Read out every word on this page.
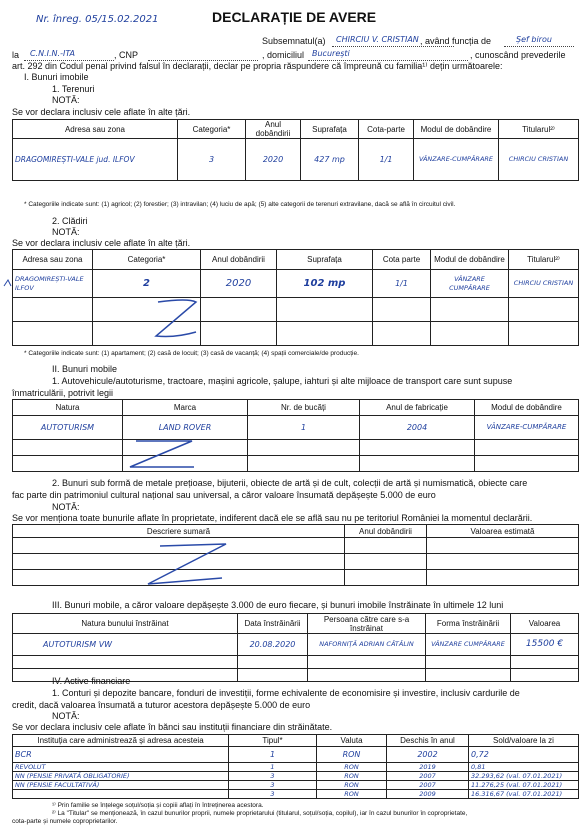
Nr. înreg. 05/15.02.2021	DECLARAȚIE DE AVERE
Subsemnatul(a) CHIRCIU V. CRISTIAN , având funcția de	Șef birou
la C.N.I.N.-ITA	, CNP	, domiciliul București	, cunoscând prevederile
art. 292 din Codul penal privind falsul în declarații, declar pe propria răspundere că împreună cu familia¹⁾ dețin următoarele:
I. Bunuri imobile
1. Terenuri
NOTĂ:
Se vor declara inclusiv cele aflate în alte țări.
Adresa sau zona	Categoria*	Anul dobândirii	Suprafața	Cota-parte	Modul de dobândire	Titularul²⁾
DRAGOMIREȘTI-VALE jud. ILFOV	3	2020	427 mp	1/1	VÂNZARE-CUMPĂRARE	CHIRCIU CRISTIAN
* Categoriile indicate sunt: (1) agricol; (2) forestier; (3) intravilan; (4) luciu de apă; (5) alte categorii de terenuri extravilane, dacă se află în circuitul civil.
2. Clădiri
NOTĂ:
Se vor declara inclusiv cele aflate în alte țări.
Adresa sau zona	Categoria*	Anul dobândirii	Suprafața	Cota parte	Modul de dobândire	Titularul²⁾
DRAGOMIREȘTI-VALE ILFOV	2	2020	102 mp	1/1	VÂNZARE CUMPĂRARE	CHIRCIU CRISTIAN

* Categoriile indicate sunt: (1) apartament; (2) casă de locuit; (3) casă de vacanță; (4) spații comerciale/de producție.
II. Bunuri mobile
1. Autovehicule/autoturisme, tractoare, mașini agricole, șalupe, iahturi și alte mijloace de transport care sunt supuse
înmatriculării, potrivit legii
Natura	Marca	Nr. de bucăți	Anul de fabricație	Modul de dobândire
AUTOTURISM	LAND ROVER	1	2004	VÂNZARE-CUMPĂRARE

2. Bunuri sub formă de metale prețioase, bijuterii, obiecte de artă și de cult, colecții de artă și numismatică, obiecte care
fac parte din patrimoniul cultural național sau universal, a căror valoare însumată depășește 5.000 de euro
NOTĂ:
Se vor menționa toate bunurile aflate în proprietate, indiferent dacă ele se află sau nu pe teritoriul României la momentul declarării.
Descriere sumară	Anul dobândirii	Valoarea estimată

III. Bunuri mobile, a căror valoare depășește 3.000 de euro fiecare, și bunuri imobile înstrăinate în ultimele 12 luni
Natura bunului înstrăinat	Data înstrăinării	Persoana către care s-a înstrăinat	Forma înstrăinării	Valoarea
AUTOTURISM VW	20.08.2020	NAFORNIȚĂ ADRIAN CĂTĂLIN	VÂNZARE CUMPĂRARE	15500 €

IV. Active financiare
1. Conturi și depozite bancare, fonduri de investiții, forme echivalente de economisire și investire, inclusiv cardurile de
credit, dacă valoarea însumată a tuturor acestora depășește 5.000 de euro
NOTĂ:
Se vor declara inclusiv cele aflate în bănci sau instituții financiare din străinătate.
Instituția care administrează și adresa acesteia	Tipul*	Valuta	Deschis în anul	Sold/valoare la zi
BCR	1	RON	2002	0,72
REVOLUT	1	RON	2019	0,81
NN (PENSIE PRIVATĂ OBLIGATORIE)	3	RON	2007	32.293,62 (val. 07.01.2021)
NN (PENSIE FACULTATIVĂ)	3	RON	2007	11.276,25 (val. 07.01.2021)
	3	RON	2009	16.316,67 (val. 07.01.2021)
¹⁾ Prin familie se înțelege soțul/soția și copiii aflați în întreținerea acestora.
²⁾ La "Titular" se menționează, în cazul bunurilor proprii, numele proprietarului (titularul, soțul/soția, copilul), iar în cazul bunurilor în coproprietate,
cota-parte și numele coproprietarilor.
